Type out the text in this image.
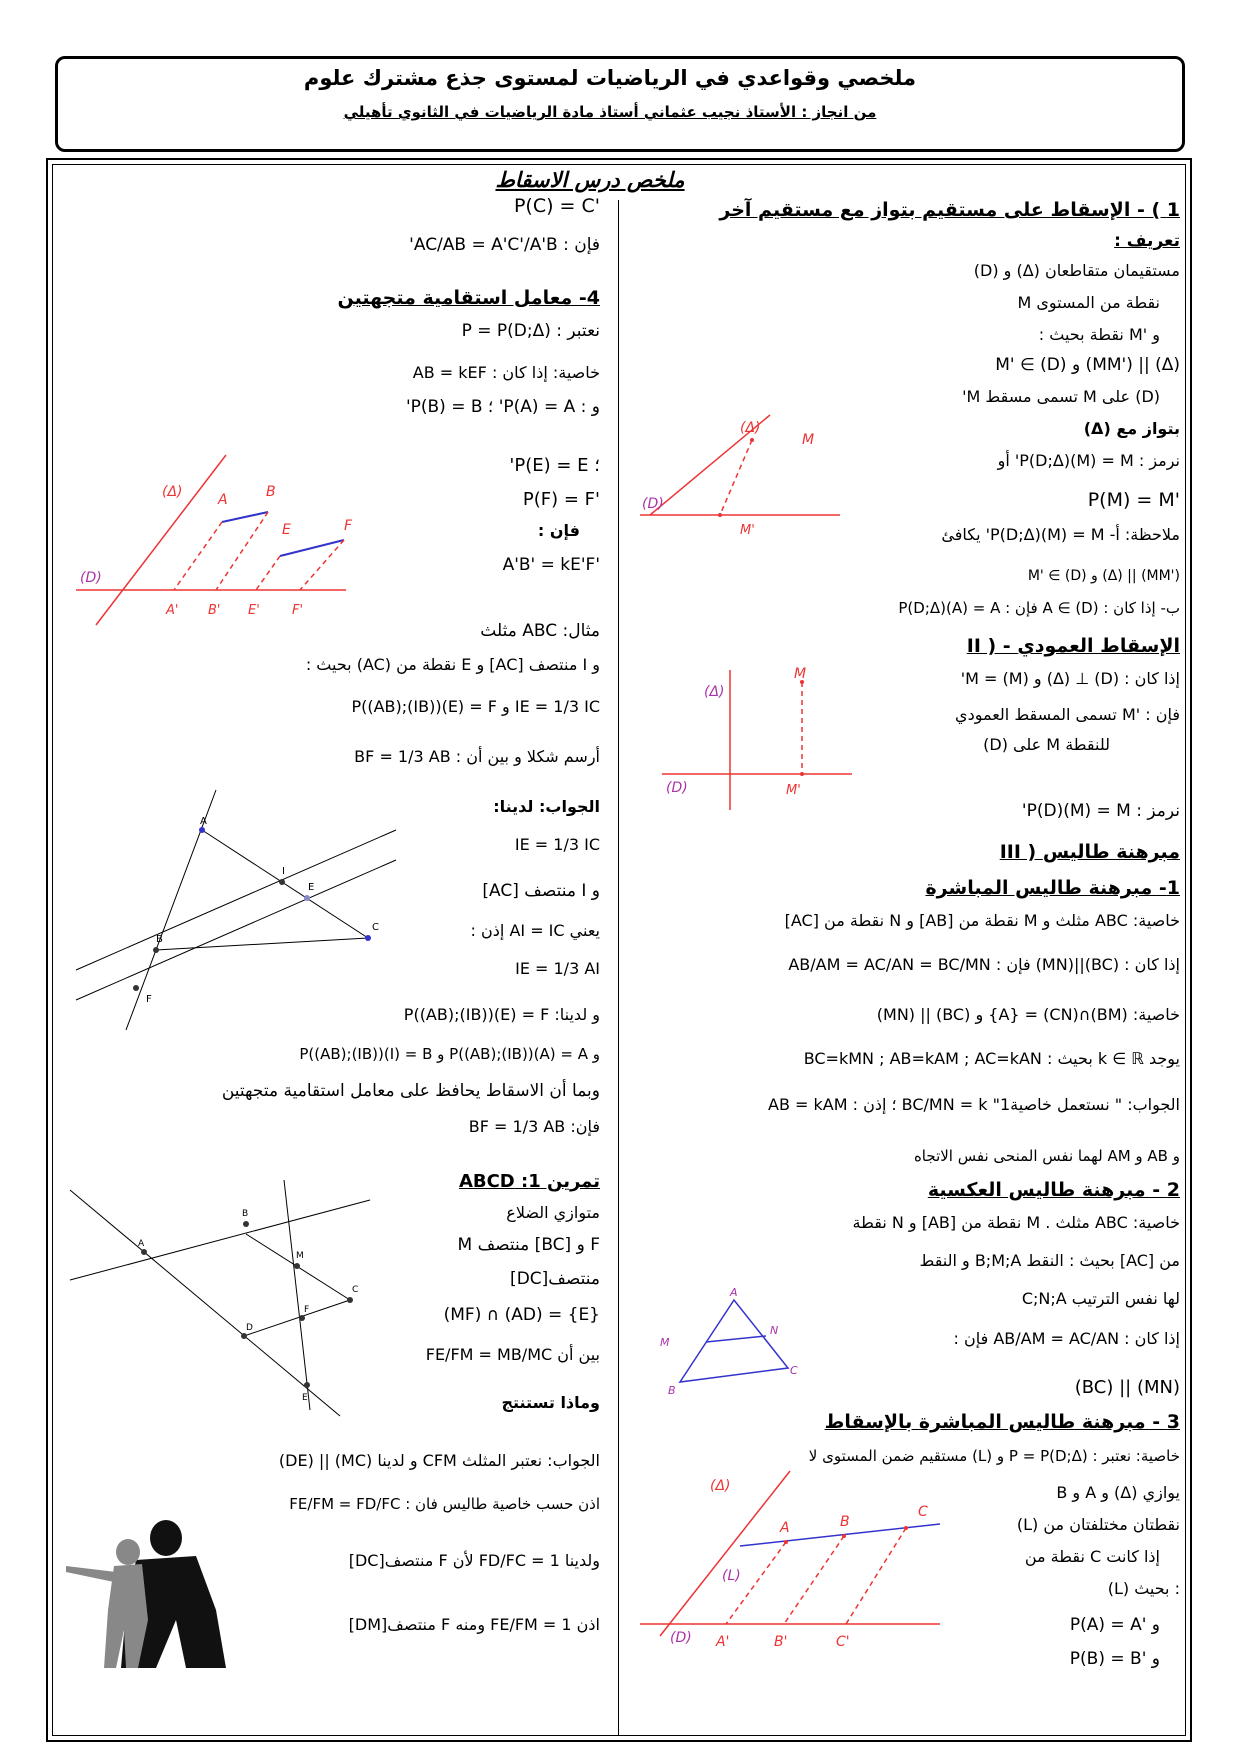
ملخصي وقواعدي في الرياضيات لمستوى جذع مشترك علوم
من انجاز : الأستاذ نجيب عثماني أستاذ مادة الرياضيات في الثانوي تأهيلي
ملخص درس الاسقاط
1 ) - الإسقاط على مستقيم بتواز مع مستقيم آخر
تعريف :
(D) و (Δ) مستقيمان متقاطعان
M نقطة من المستوى
و 'M نقطة بحيث :
M' ∈ (D) و (MM') || (Δ)
'M تسمى مسقط M على (D)
بتواز مع (Δ)
نرمز : P(D;Δ)(M) = M' أو
P(M) = M'
ملاحظة: أ- P(D;Δ)(M) = M' يكافئ
M' ∈ (D) و (Δ) || (MM')
ب- إذا كان : A ∈ (D) فإن : P(D;Δ)(A) = A
II ) - الإسقاط العمودي
إذا كان : (D) ⊥ (Δ) و (M) = M'
فإن : 'M تسمى المسقط العمودي
للنقطة M على (D)
نرمز : P(D)(M) = M'
III ) مبرهنة طاليس
1- مبرهنة طاليس المباشرة
خاصية: ABC مثلث و M نقطة من [AB] و N نقطة من [AC]
إذا كان : (BC)||(MN) فإن : AB/AM = AC/AN = BC/MN
خاصية: (BM)∩(CN) = {A} و (BC) || (MN)
يوجد k ∈ ℝ بحيث : BC=kMN ; AB=kAM ; AC=kAN
الجواب: " نستعمل خاصية1" BC/MN = k ؛ إذن : AB = kAM
و AB و AM لهما نفس المنحى نفس الاتجاه
2 - مبرهنة طاليس العكسية
خاصية: ABC مثلث . M نقطة من [AB] و N نقطة
من [AC] بحيث : النقط B;M;A و النقط
C;N;A لها نفس الترتيب
إذا كان : AB/AM = AC/AN فإن :
(BC) || (MN)
3 - مبرهنة طاليس المباشرة بالإسقاط
خاصية: نعتبر : P = P(D;Δ) و (L) مستقيم ضمن المستوى لا
يوازي (Δ) و A و B
نقطتان مختلفتان من (L)
إذا كانت C نقطة من
(L) بحيث :
P(A) = A' و
P(B) = B' و
P(C) = C'
فإن : AC/AB = A'C'/A'B'
4- معامل استقامية متجهتين
نعتبر : P = P(D;Δ)
خاصية: إذا كان : AB = kEF
و : P(A) = A' ؛ P(B) = B'
؛ P(E) = E'
P(F) = F'
فإن :
A'B' = kE'F'
مثال: ABC مثلث
و I منتصف [AC] و E نقطة من (AC) بحيث :
P((AB);(IB))(E) = F و IE = 1/3 IC
أرسم شكلا و بين أن : BF = 1/3 AB
الجواب: لدينا:
IE = 1/3 IC
و I منتصف [AC]
يعني AI = IC إذن :
IE = 1/3 AI
و لدينا: P((AB);(IB))(E) = F
و P((AB);(IB))(A) = A و P((AB);(IB))(I) = B
وبما أن الاسقاط يحافظ على معامل استقامية متجهتين
فإن: BF = 1/3 AB
تمرين 1: ABCD
متوازي الضلاع
M منتصف [BC] و F
منتصف[DC]
(MF) ∩ (AD) = {E}
بين أن FE/FM = MB/MC
وماذا تستنتج
الجواب: نعتبر المثلث CFM و لدينا (MC) || (DE)
اذن حسب خاصية طاليس فان : FE/FM = FD/FC
ولدينا FD/FC = 1 لأن F منتصف[DC]
اذن FE/FM = 1 ومنه F منتصف[DM]
(Δ)
M
(D)
M'
(Δ)
M
(D)	M'
A
N
M
C
B
(Δ)
A	B
C
(L)
(D) A'	B'	C'
(Δ)	A	B
E	F
(D)
A' B' E' F'
A
I
E
B
C
F
A
B
M
C
F
D
E
